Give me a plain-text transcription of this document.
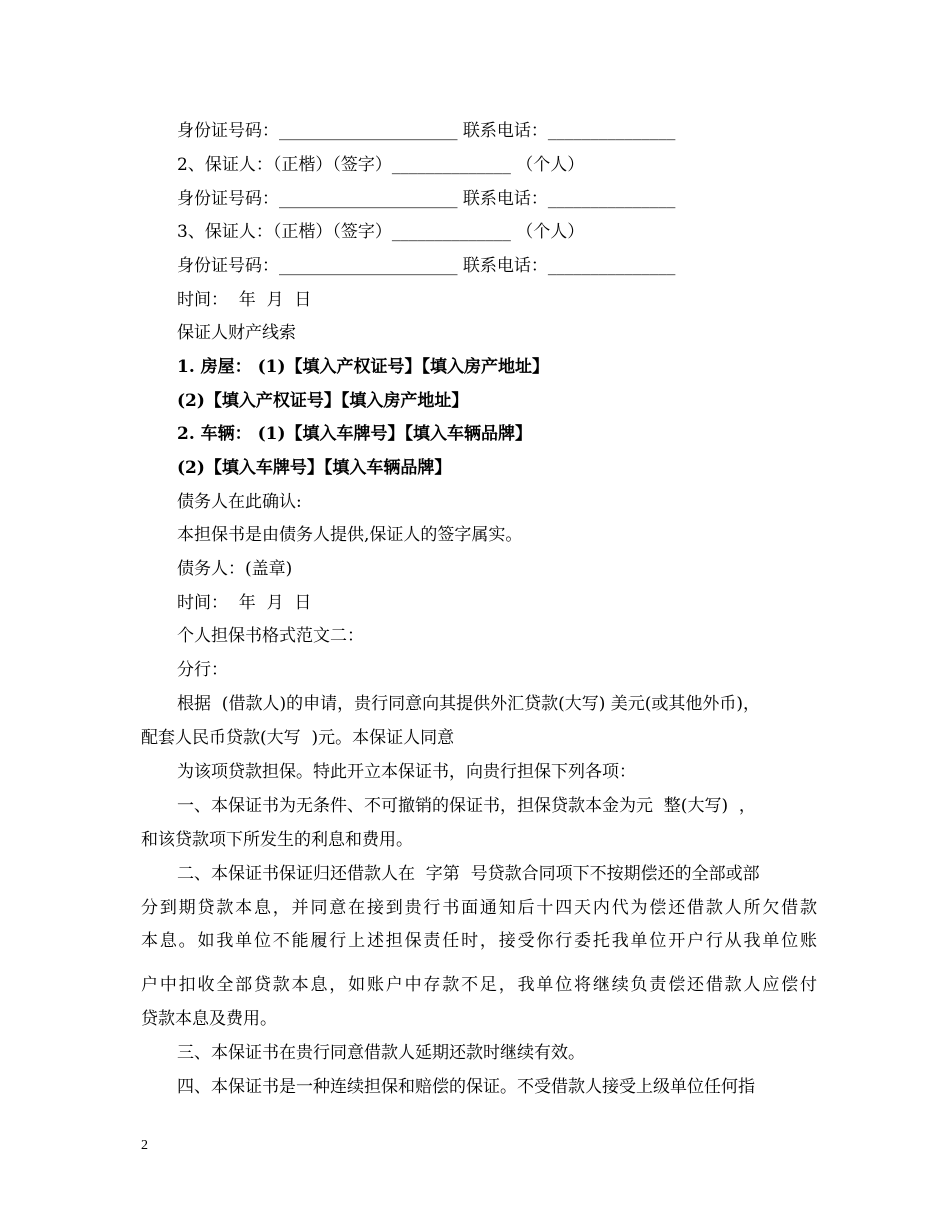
身份证号码：_____________________ 联系电话：_______________
2、保证人：（正楷）（签字）______________ （个人）
身份证号码：_____________________ 联系电话：_______________
3、保证人：（正楷）（签字）______________ （个人）
身份证号码：_____________________ 联系电话：_______________
时间：  年  月  日
保证人财产线索
1. 房屋： (1)【填入产权证号】【填入房产地址】
(2)【填入产权证号】【填入房产地址】
2. 车辆： (1)【填入车牌号】【填入车辆品牌】
(2)【填入车牌号】【填入车辆品牌】
债务人在此确认:
本担保书是由债务人提供,保证人的签字属实。
债务人：(盖章)
时间：  年  月  日
个人担保书格式范文二：
分行：
根据  (借款人)的申请，贵行同意向其提供外汇贷款(大写) 美元(或其他外币)，
配套人民币贷款(大写  )元。本保证人同意
为该项贷款担保。特此开立本保证书，向贵行担保下列各项：
一、本保证书为无条件、不可撤销的保证书，担保贷款本金为元  整(大写)  ，
和该贷款项下所发生的利息和费用。
二、本保证书保证归还借款人在  字第  号贷款合同项下不按期偿还的全部或部
分到期贷款本息，并同意在接到贵行书面通知后十四天内代为偿还借款人所欠借款
本息。如我单位不能履行上述担保责任时，接受你行委托我单位开户行从我单位账
户中扣收全部贷款本息，如账户中存款不足，我单位将继续负责偿还借款人应偿付
贷款本息及费用。
三、本保证书在贵行同意借款人延期还款时继续有效。
四、本保证书是一种连续担保和赔偿的保证。不受借款人接受上级单位任何指
2
